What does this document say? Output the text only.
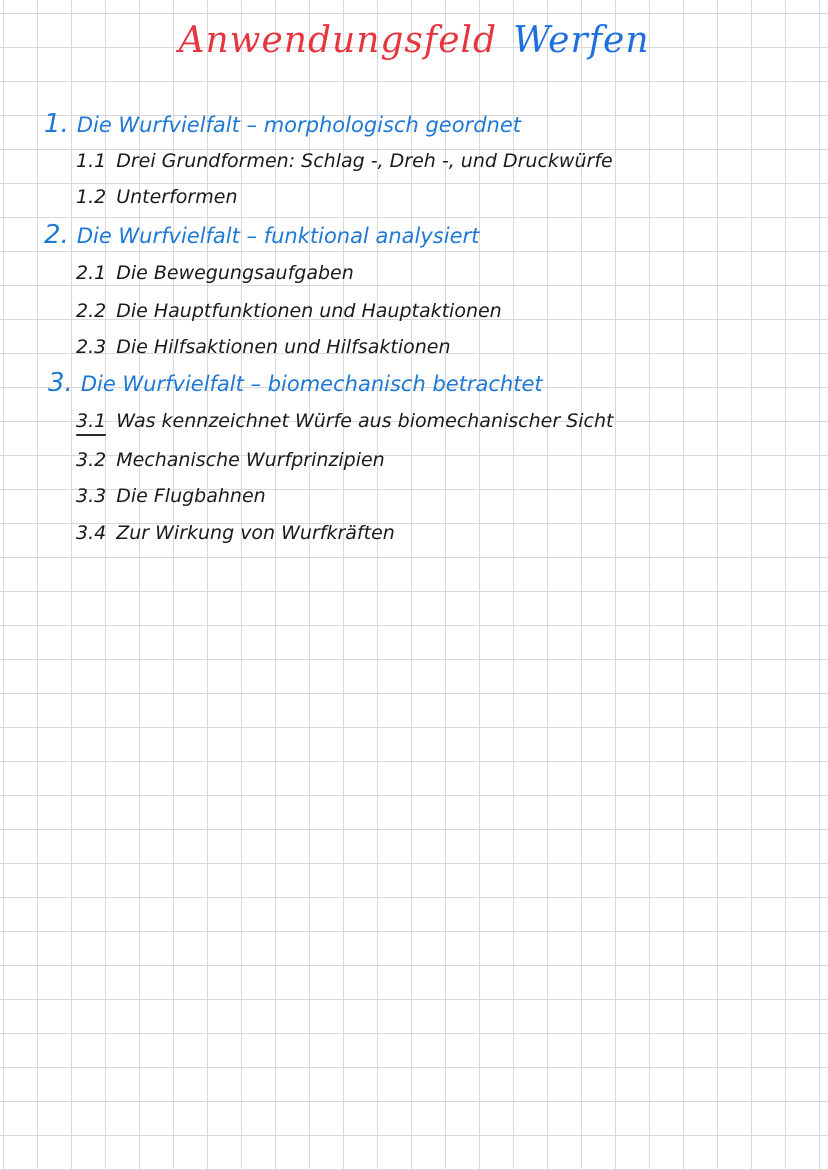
Anwendungsfeld Werfen
1. Die Wurfvielfalt – morphologisch geordnet
1.1 Drei Grundformen: Schlag -, Dreh -, und Druckwürfe
1.2 Unterformen
2. Die Wurfvielfalt – funktional analysiert
2.1 Die Bewegungsaufgaben
2.2 Die Hauptfunktionen und Hauptaktionen
2.3 Die Hilfsaktionen und Hilfsaktionen
3. Die Wurfvielfalt – biomechanisch betrachtet
3.1 Was kennzeichnet Würfe aus biomechanischer Sicht
3.2 Mechanische Wurfprinzipien
3.3 Die Flugbahnen
3.4 Zur Wirkung von Wurfkräften
